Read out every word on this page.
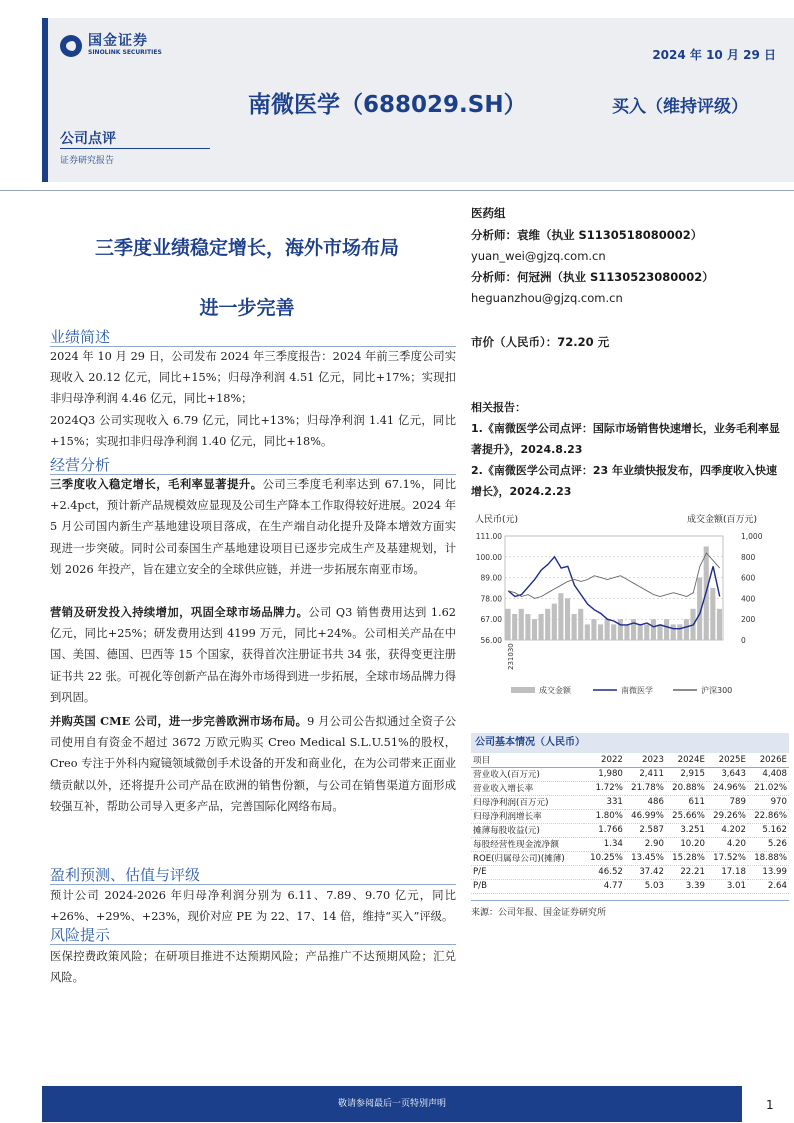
国金证券
SINOLINK SECURITIES	2024 年 10 月 29 日
南微医学（688029.SH）	买入（维持评级）
公司点评
证券研究报告
三季度业绩稳定增长，海外市场布局
进一步完善
业绩简述
2024 年 10 月 29 日，公司发布 2024 年三季度报告：2024 年前三季度公司实现收入 20.12 亿元，同比+15%；归母净利润 4.51 亿元，同比+17%；实现扣非归母净利润 4.46 亿元，同比+18%；
2024Q3 公司实现收入 6.79 亿元，同比+13%；归母净利润 1.41 亿元，同比+15%；实现扣非归母净利润 1.40 亿元，同比+18%。
经营分析
三季度收入稳定增长，毛利率显著提升。公司三季度毛利率达到 67.1%，同比+2.4pct，预计新产品规模效应显现及公司生产降本工作取得较好进展。2024 年 5 月公司国内新生产基地建设项目落成，在生产端自动化提升及降本增效方面实现进一步突破。同时公司泰国生产基地建设项目已逐步完成生产及基建规划，计划 2026 年投产，旨在建立安全的全球供应链，并进一步拓展东南亚市场。
营销及研发投入持续增加，巩固全球市场品牌力。公司 Q3 销售费用达到 1.62 亿元，同比+25%；研发费用达到 4199 万元，同比+24%。公司相关产品在中国、美国、德国、巴西等 15 个国家，获得首次注册证书共 34 张，获得变更注册证书共 22 张。可视化等创新产品在海外市场得到进一步拓展，全球市场品牌力得到巩固。
并购英国 CME 公司，进一步完善欧洲市场布局。9 月公司公告拟通过全资子公司使用自有资金不超过 3672 万欧元购买 Creo Medical S.L.U.51%的股权，Creo 专注于外科内窥镜领域微创手术设备的开发和商业化，在为公司带来正面业绩贡献以外，还将提升公司产品在欧洲的销售份额，与公司在销售渠道方面形成较强互补，帮助公司导入更多产品，完善国际化网络布局。
盈利预测、估值与评级
预计公司 2024-2026 年归母净利润分别为 6.11、7.89、9.70 亿元，同比+26%、+29%、+23%，现价对应 PE 为 22、17、14 倍，维持“买入”评级。
风险提示
医保控费政策风险；在研项目推进不达预期风险；产品推广不达预期风险；汇兑风险。
医药组
分析师：袁维（执业 S1130518080002）
yuan_wei@gjzq.com.cn
分析师：何冠洲（执业 S1130523080002）
heguanzhou@gjzq.com.cn
市价（人民币）：72.20 元
相关报告：
1.《南微医学公司点评：国际市场销售快速增长，业务毛利率显著提升》，2024.8.23
2.《南微医学公司点评：23 年业绩快报发布，四季度收入快速增长》，2024.2.23
人民币(元)	成交金额(百万元)
111.00
100.00
89.00
78.00
67.00
56.00
1,000
800
600
400
200
0
231030
成交金额	南微医学	沪深300
公司基本情况（人民币）
项目	2022	2023	2024E	2025E	2026E
营业收入(百万元)	1,980	2,411	2,915	3,643	4,408
营业收入增长率	1.72%	21.78%	20.88%	24.96%	21.02%
归母净利润(百万元)	331	486	611	789	970
归母净利润增长率	1.80%	46.99%	25.66%	29.26%	22.86%
摊薄每股收益(元)	1.766	2.587	3.251	4.202	5.162
每股经营性现金流净额	1.34	2.90	10.20	4.20	5.26
ROE(归属母公司)(摊薄)	10.25%	13.45%	15.28%	17.52%	18.88%
P/E	46.52	37.42	22.21	17.18	13.99
P/B	4.77	5.03	3.39	3.01	2.64
来源：公司年报、国金证券研究所
敬请参阅最后一页特别声明	1
